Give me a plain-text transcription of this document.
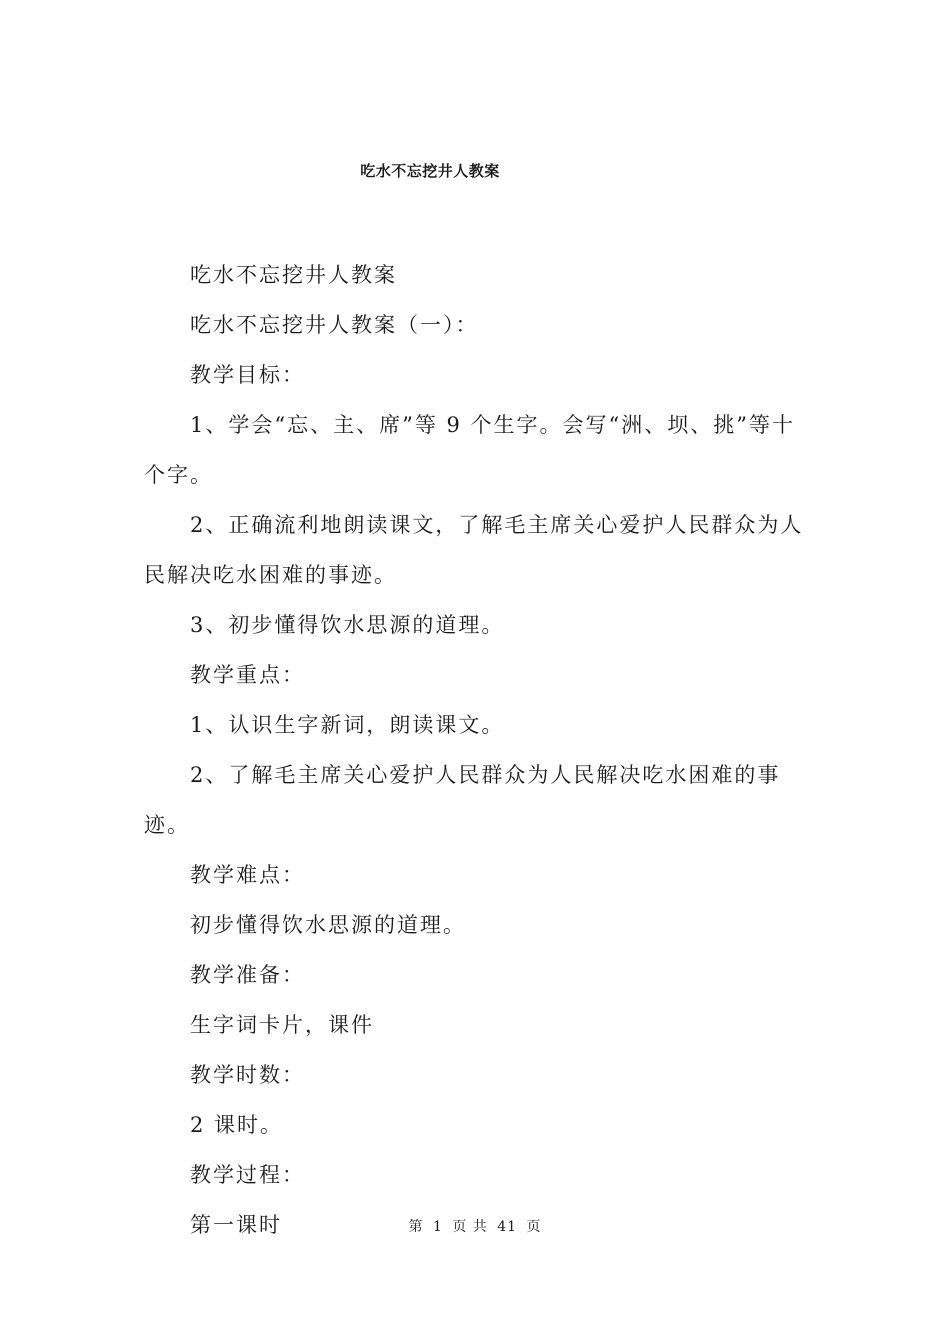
吃水不忘挖井人教案

吃水不忘挖井人教案

吃水不忘挖井人教案（一）：

教学目标：

1、学会“忘、主、席”等 9 个生字。会写“洲、坝、挑”等十个字。

2、正确流利地朗读课文，了解毛主席关心爱护人民群众为人民解决吃水困难的事迹。

3、初步懂得饮水思源的道理。

教学重点：

1、认识生字新词，朗读课文。

2、了解毛主席关心爱护人民群众为人民解决吃水困难的事迹。

教学难点：

初步懂得饮水思源的道理。

教学准备：

生字词卡片，课件

教学时数：

2 课时。

教学过程：

第一课时	第 1 页 共 41 页
